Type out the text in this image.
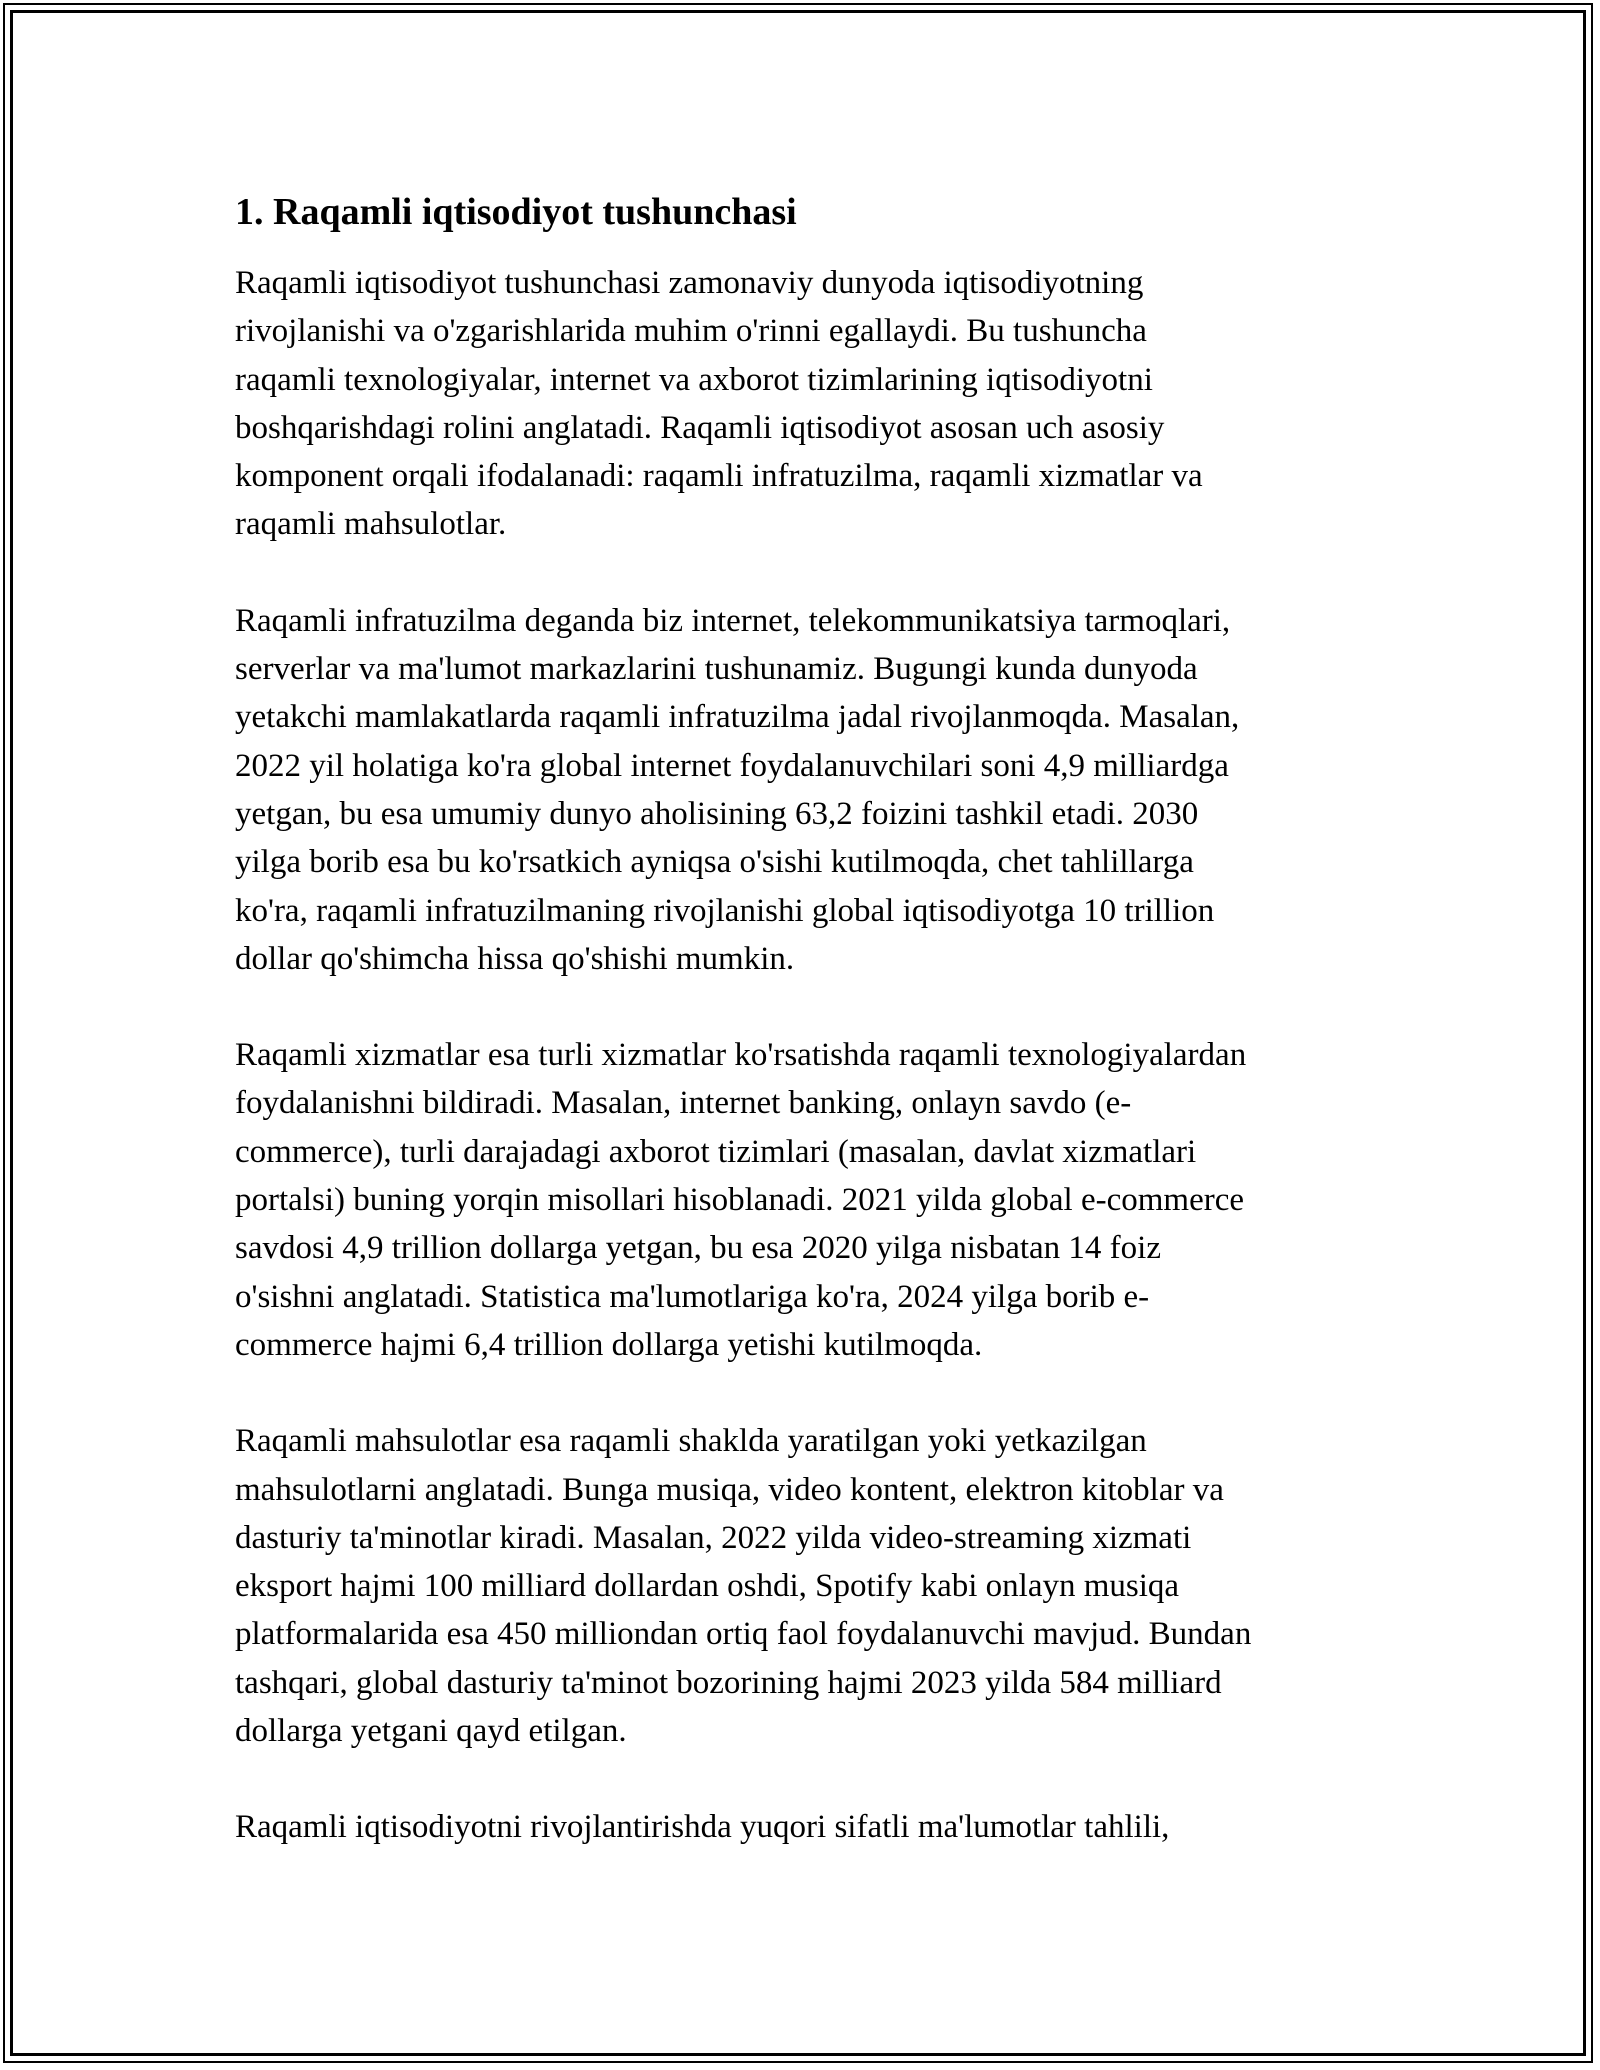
1. Raqamli iqtisodiyot tushunchasi
Raqamli iqtisodiyot tushunchasi zamonaviy dunyoda iqtisodiyotning
rivojlanishi va o'zgarishlarida muhim o'rinni egallaydi. Bu tushuncha
raqamli texnologiyalar, internet va axborot tizimlarining iqtisodiyotni
boshqarishdagi rolini anglatadi. Raqamli iqtisodiyot asosan uch asosiy
komponent orqali ifodalanadi: raqamli infratuzilma, raqamli xizmatlar va
raqamli mahsulotlar.
Raqamli infratuzilma deganda biz internet, telekommunikatsiya tarmoqlari,
serverlar va ma'lumot markazlarini tushunamiz. Bugungi kunda dunyoda
yetakchi mamlakatlarda raqamli infratuzilma jadal rivojlanmoqda. Masalan,
2022 yil holatiga ko'ra global internet foydalanuvchilari soni 4,9 milliardga
yetgan, bu esa umumiy dunyo aholisining 63,2 foizini tashkil etadi. 2030
yilga borib esa bu ko'rsatkich ayniqsa o'sishi kutilmoqda, chet tahlillarga
ko'ra, raqamli infratuzilmaning rivojlanishi global iqtisodiyotga 10 trillion
dollar qo'shimcha hissa qo'shishi mumkin.
Raqamli xizmatlar esa turli xizmatlar ko'rsatishda raqamli texnologiyalardan
foydalanishni bildiradi. Masalan, internet banking, onlayn savdo (e-
commerce), turli darajadagi axborot tizimlari (masalan, davlat xizmatlari
portalsi) buning yorqin misollari hisoblanadi. 2021 yilda global e-commerce
savdosi 4,9 trillion dollarga yetgan, bu esa 2020 yilga nisbatan 14 foiz
o'sishni anglatadi. Statistica ma'lumotlariga ko'ra, 2024 yilga borib e-
commerce hajmi 6,4 trillion dollarga yetishi kutilmoqda.
Raqamli mahsulotlar esa raqamli shaklda yaratilgan yoki yetkazilgan
mahsulotlarni anglatadi. Bunga musiqa, video kontent, elektron kitoblar va
dasturiy ta'minotlar kiradi. Masalan, 2022 yilda video-streaming xizmati
eksport hajmi 100 milliard dollardan oshdi, Spotify kabi onlayn musiqa
platformalarida esa 450 milliondan ortiq faol foydalanuvchi mavjud. Bundan
tashqari, global dasturiy ta'minot bozorining hajmi 2023 yilda 584 milliard
dollarga yetgani qayd etilgan.
Raqamli iqtisodiyotni rivojlantirishda yuqori sifatli ma'lumotlar tahlili,
